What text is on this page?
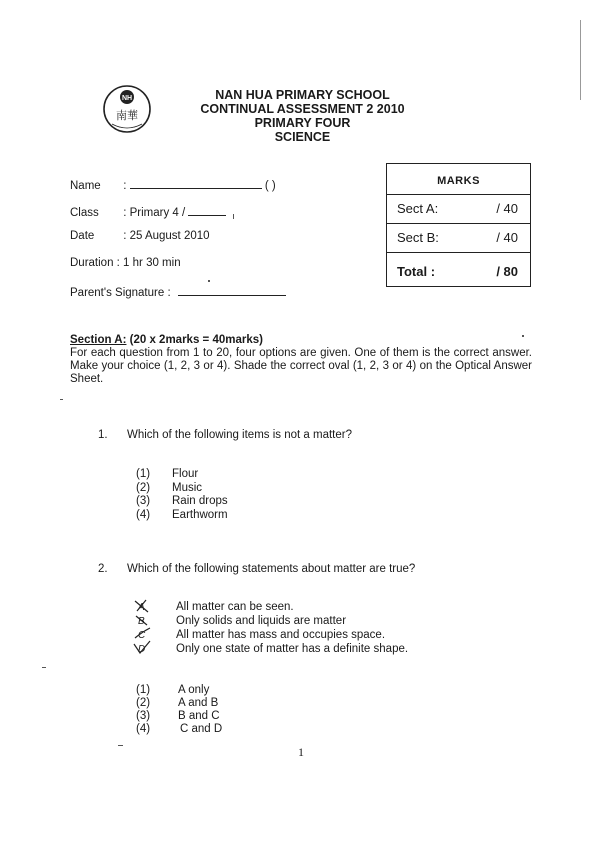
NH
南華
NAN HUA PRIMARY SCHOOL
CONTINUAL ASSESSMENT 2 2010
PRIMARY FOUR
SCIENCE
Name :	( )
Class : Primary 4 /
Date	: 25 August 2010
Duration : 1 hr 30 min
Parent's Signature :
MARKS
Sect A:	/ 40
Sect B:	/ 40
Total :	/ 80
Section A: (20 x 2marks = 40marks)
For each question from 1 to 20, four options are given. One of them is the correct answer. Make your choice (1, 2, 3 or 4). Shade the correct oval (1, 2, 3 or 4) on the Optical Answer Sheet.
1. Which of the following items is not a matter?
(1) Flour
(2) Music
(3) Rain drops
(4) Earthworm
2. Which of the following statements about matter are true?
A	All matter can be seen.
B	Only solids and liquids are matter
C	All matter has mass and occupies space.
D	Only one state of matter has a definite shape.
(1) A only
(2) A and B
(3) B and C
(4)	C and D
1
